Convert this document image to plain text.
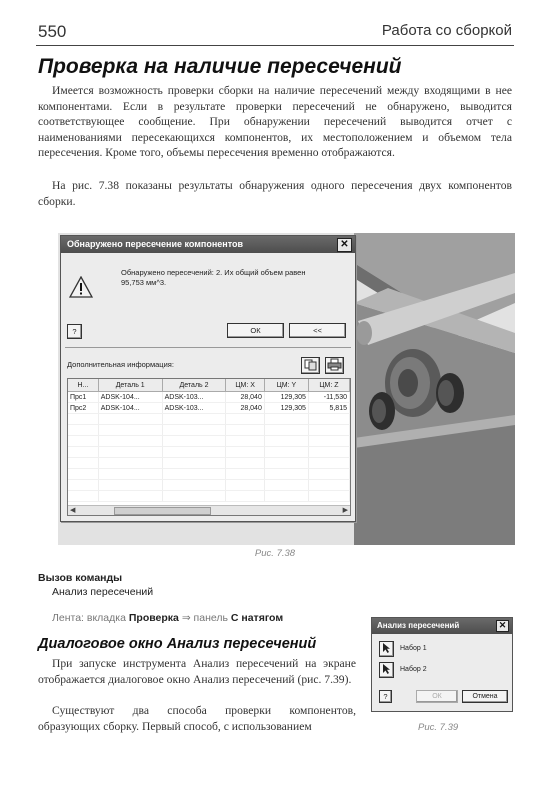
550	Работа со сборкой
Проверка на наличие пересечений
Имеется возможность проверки сборки на наличие пересечений между входящими в нее компонентами. Если в результате проверки пересечений не обнаружено, выводится соответствующее сообщение. При обнаружении пересечений выводится отчет с наименованиями пересекающихся компонентов, их местоположением и объемом тела пересечения. Кроме того, объемы пересечения временно отображаются.
На рис. 7.38 показаны результаты обнаружения одного пересечения двух компонентов сборки.
Обнаружено пересечение компонентов	✕
Обнаружено пересечений: 2. Их общий объем равен 95,753 мм^3.
?	ОК	<<
Дополнительная информация:
Н...	Деталь 1	Деталь 2	ЦМ: X	ЦМ: Y	ЦМ: Z
Прс1	ADSK-104...	ADSK-103...	28,040	129,305	-11,530
Прс2	ADSK-104...	ADSK-103...	28,040	129,305	5,815

◀	▶
Рис. 7.38
Вызов команды
Анализ пересечений
Лента: вкладка Проверка ⇒ панель С натягом
Диалоговое окно Анализ пересечений
При запуске инструмента Анализ пересечений на экране отображается диалоговое окно Анализ пересечений (рис. 7.39).
Существуют два способа проверки компонентов, образующих сборку. Первый способ, с использованием
Анализ пересечений	✕
Набор 1
Набор 2
?	ОК	Отмена
Рис. 7.39
